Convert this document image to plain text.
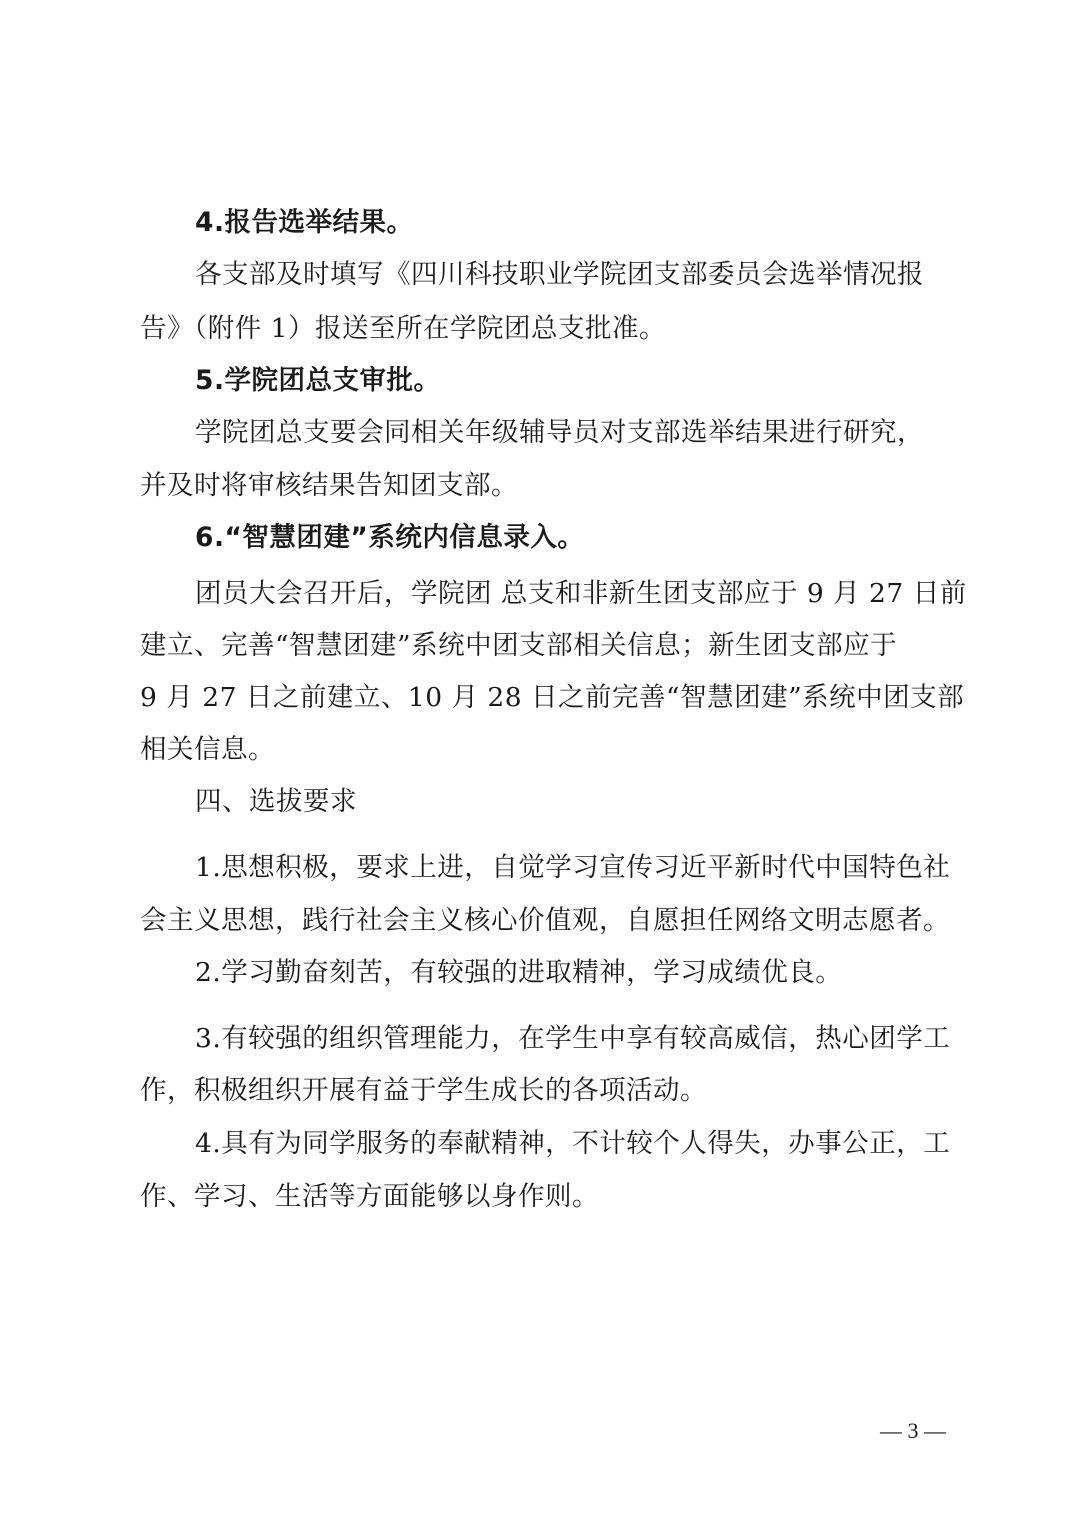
4.报告选举结果。
各支部及时填写《四川科技职业学院团支部委员会选举情况报
告》（附件 1）报送至所在学院团总支批准。
5.学院团总支审批。
学院团总支要会同相关年级辅导员对支部选举结果进行研究，
并及时将审核结果告知团支部。
6.“智慧团建”系统内信息录入。
团员大会召开后，学院团 总支和非新生团支部应于 9 月 27 日前
建立、完善“智慧团建”系统中团支部相关信息；新生团支部应于
9 月 27 日之前建立、10 月 28 日之前完善“智慧团建”系统中团支部
相关信息。
四、选拔要求
1.思想积极，要求上进，自觉学习宣传习近平新时代中国特色社
会主义思想，践行社会主义核心价值观，自愿担任网络文明志愿者。
2.学习勤奋刻苦，有较强的进取精神，学习成绩优良。
3.有较强的组织管理能力，在学生中享有较高威信，热心团学工
作，积极组织开展有益于学生成长的各项活动。
4.具有为同学服务的奉献精神，不计较个人得失，办事公正，工
作、学习、生活等方面能够以身作则。
— 3 —
